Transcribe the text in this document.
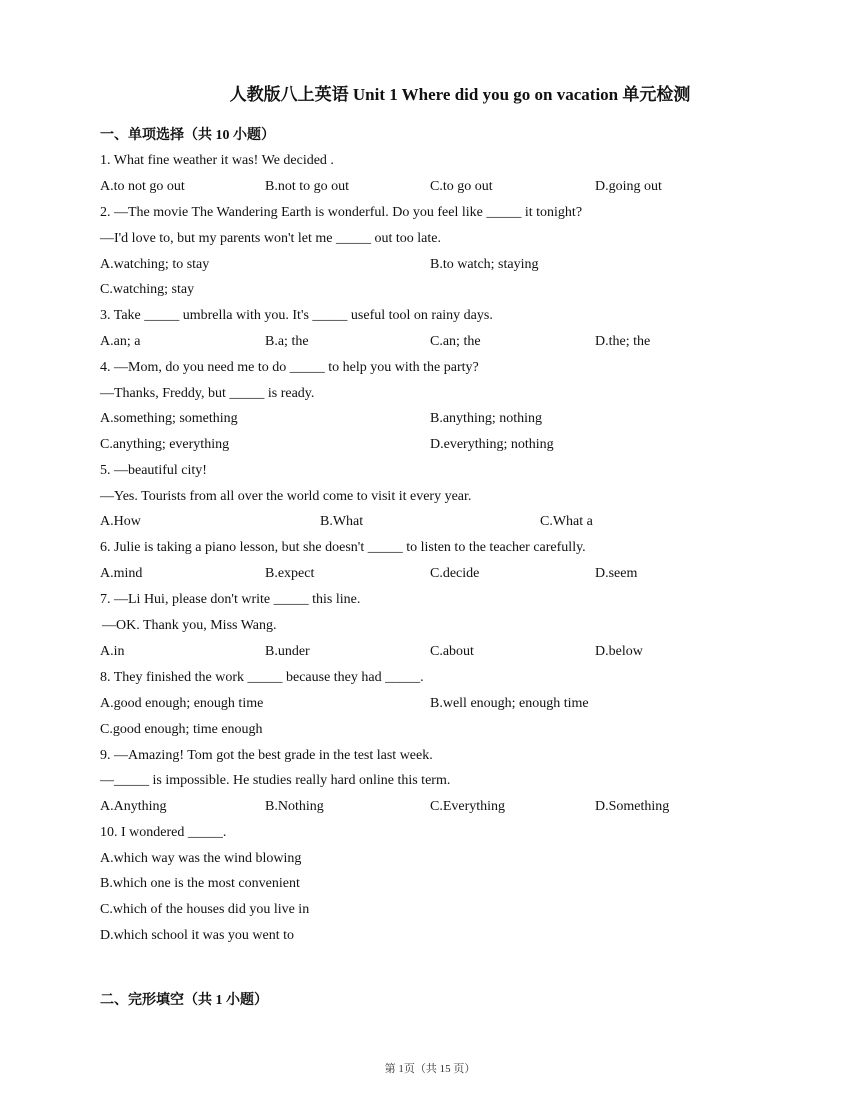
人教版八上英语 Unit 1 Where did you go on vacation 单元检测
一、单项选择（共 10 小题）
1. What fine weather it was! We decided .
A.to not go out	B.not to go out	C.to go out	D.going out
2. —The movie The Wandering Earth is wonderful. Do you feel like _____ it tonight?
—I'd love to, but my parents won't let me _____ out too late.
A.watching; to stay	B.to watch; staying
C.watching; stay
3. Take _____ umbrella with you. It's _____ useful tool on rainy days.
A.an; a	B.a; the	C.an; the	D.the; the
4. —Mom, do you need me to do _____ to help you with the party?
—Thanks, Freddy, but _____ is ready.
A.something; something	B.anything; nothing
C.anything; everything	D.everything; nothing
5. —beautiful city!
—Yes. Tourists from all over the world come to visit it every year.
A.How	B.What	C.What a
6. Julie is taking a piano lesson, but she doesn't _____ to listen to the teacher carefully.
A.mind	B.expect	C.decide	D.seem
7. —Li Hui, please don't write _____ this line.
—OK. Thank you, Miss Wang.
A.in	B.under	C.about	D.below
8. They finished the work _____ because they had _____.
A.good enough; enough time	B.well enough; enough time
C.good enough; time enough
9. —Amazing! Tom got the best grade in the test last week.
—_____ is impossible. He studies really hard online this term.
A.Anything	B.Nothing	C.Everything	D.Something
10. I wondered _____.
A.which way was the wind blowing
B.which one is the most convenient
C.which of the houses did you live in
D.which school it was you went to
二、完形填空（共 1 小题）
第 1页（共 15 页）
